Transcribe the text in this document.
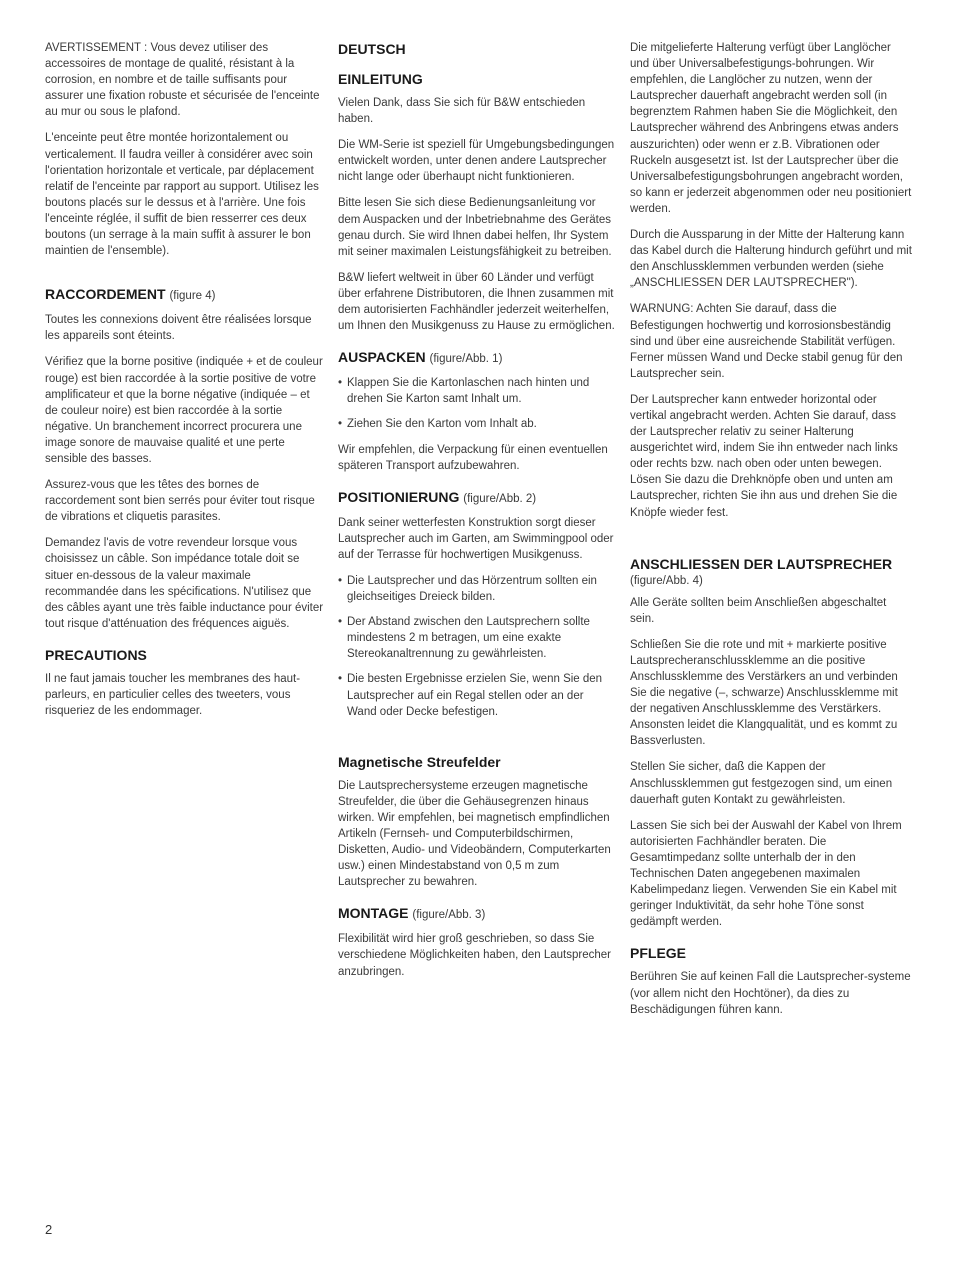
AVERTISSEMENT : Vous devez utiliser des accessoires de montage de qualité, résistant à la corrosion, en nombre et de taille suffisants pour assurer une fixation robuste et sécurisée de l'enceinte au mur ou sous le plafond.

L'enceinte peut être montée horizontalement ou verticalement. Il faudra veiller à considérer avec soin l'orientation horizontale et verticale, par déplacement relatif de l'enceinte par rapport au support. Utilisez les boutons placés sur le dessus et à l'arrière. Une fois l'enceinte réglée, il suffit de bien resserrer ces deux boutons (un serrage à la main suffit à assurer le bon maintien de l'ensemble).

RACCORDEMENT (figure 4)

Toutes les connexions doivent être réalisées lorsque les appareils sont éteints.

Vérifiez que la borne positive (indiquée + et de couleur rouge) est bien raccordée à la sortie positive de votre amplificateur et que la borne négative (indiquée – et de couleur noire) est bien raccordée à la sortie négative. Un branchement incorrect procurera une image sonore de mauvaise qualité et une perte sensible des basses.

Assurez-vous que les têtes des bornes de raccordement sont bien serrés pour éviter tout risque de vibrations et cliquetis parasites.

Demandez l'avis de votre revendeur lorsque vous choisissez un câble. Son impédance totale doit se situer en-dessous de la valeur maximale recommandée dans les spécifications. N'utilisez que des câbles ayant une très faible inductance pour éviter tout risque d'atténuation des fréquences aiguës.

PRECAUTIONS

Il ne faut jamais toucher les membranes des haut-parleurs, en particulier celles des tweeters, vous risqueriez de les endommager.

DEUTSCH
EINLEITUNG

Vielen Dank, dass Sie sich für B&W entschieden haben.

Die WM-Serie ist speziell für Umgebungsbedingungen entwickelt worden, unter denen andere Lautsprecher nicht lange oder überhaupt nicht funktionieren.

Bitte lesen Sie sich diese Bedienungsanleitung vor dem Auspacken und der Inbetriebnahme des Gerätes genau durch. Sie wird Ihnen dabei helfen, Ihr System mit seiner maximalen Leistungsfähigkeit zu betreiben.

B&W liefert weltweit in über 60 Länder und verfügt über erfahrene Distributoren, die Ihnen zusammen mit dem autorisierten Fachhändler jederzeit weiterhelfen, um Ihnen den Musikgenuss zu Hause zu ermöglichen.

AUSPACKEN (figure/Abb. 1)
• Klappen Sie die Kartonlaschen nach hinten und drehen Sie Karton samt Inhalt um.
• Ziehen Sie den Karton vom Inhalt ab.

Wir empfehlen, die Verpackung für einen eventuellen späteren Transport aufzubewahren.

POSITIONIERUNG (figure/Abb. 2)

Dank seiner wetterfesten Konstruktion sorgt dieser Lautsprecher auch im Garten, am Swimmingpool oder auf der Terrasse für hochwertigen Musikgenuss.

• Die Lautsprecher und das Hörzentrum sollten ein gleichseitiges Dreieck bilden.
• Der Abstand zwischen den Lautsprechern sollte mindestens 2 m betragen, um eine exakte Stereokanaltrennung zu gewährleisten.
• Die besten Ergebnisse erzielen Sie, wenn Sie den Lautsprecher auf ein Regal stellen oder an der Wand oder Decke befestigen.
Magnetische Streufelder

Die Lautsprechersysteme erzeugen magnetische Streufelder, die über die Gehäusegrenzen hinaus wirken. Wir empfehlen, bei magnetisch empfindlichen Artikeln (Fernseh- und Computerbildschirmen, Disketten, Audio- und Videobändern, Computerkarten usw.) einen Mindestabstand von 0,5 m zum Lautsprecher zu bewahren.

MONTAGE (figure/Abb. 3)

Flexibilität wird hier groß geschrieben, so dass Sie verschiedene Möglichkeiten haben, den Lautsprecher anzubringen.

Die mitgelieferte Halterung verfügt über Langlöcher und über Universalbefestigungs-bohrungen. Wir empfehlen, die Langlöcher zu nutzen, wenn der Lautsprecher dauerhaft angebracht werden soll (in begrenztem Rahmen haben Sie die Möglichkeit, den Lautsprecher während des Anbringens etwas anders auszurichten) oder wenn er z.B. Vibrationen oder Ruckeln ausgesetzt ist. Ist der Lautsprecher über die Universalbefestigungsbohrungen angebracht worden, so kann er jederzeit abgenommen oder neu positioniert werden.

Durch die Aussparung in der Mitte der Halterung kann das Kabel durch die Halterung hindurch geführt und mit den Anschlussklemmen verbunden werden (siehe „ANSCHLIESSEN DER LAUTSPRECHER").

WARNUNG: Achten Sie darauf, dass die Befestigungen hochwertig und korrosionsbeständig sind und über eine ausreichende Stabilität verfügen. Ferner müssen Wand und Decke stabil genug für den Lautsprecher sein.

Der Lautsprecher kann entweder horizontal oder vertikal angebracht werden. Achten Sie darauf, dass der Lautsprecher relativ zu seiner Halterung ausgerichtet wird, indem Sie ihn entweder nach links oder rechts bzw. nach oben oder unten bewegen. Lösen Sie dazu die Drehknöpfe oben und unten am Lautsprecher, richten Sie ihn aus und drehen Sie die Knöpfe wieder fest.

ANSCHLIESSEN DER LAUTSPRECHER
(figure/Abb. 4)

Alle Geräte sollten beim Anschließen abgeschaltet sein.

Schließen Sie die rote und mit + markierte positive Lautsprecheranschlussklemme an die positive Anschlussklemme des Verstärkers an und verbinden Sie die negative (–, schwarze) Anschlussklemme mit der negativen Anschlussklemme des Verstärkers. Ansonsten leidet die Klangqualität, und es kommt zu Bassverlusten.

Stellen Sie sicher, daß die Kappen der Anschlussklemmen gut festgezogen sind, um einen dauerhaft guten Kontakt zu gewährleisten.

Lassen Sie sich bei der Auswahl der Kabel von Ihrem autorisierten Fachhändler beraten. Die Gesamtimpedanz sollte unterhalb der in den Technischen Daten angegebenen maximalen Kabelimpedanz liegen. Verwenden Sie ein Kabel mit geringer Induktivität, da sehr hohe Töne sonst gedämpft werden.

PFLEGE

Berühren Sie auf keinen Fall die Lautsprecher-systeme (vor allem nicht den Hochtöner), da dies zu Beschädigungen führen kann.

2
